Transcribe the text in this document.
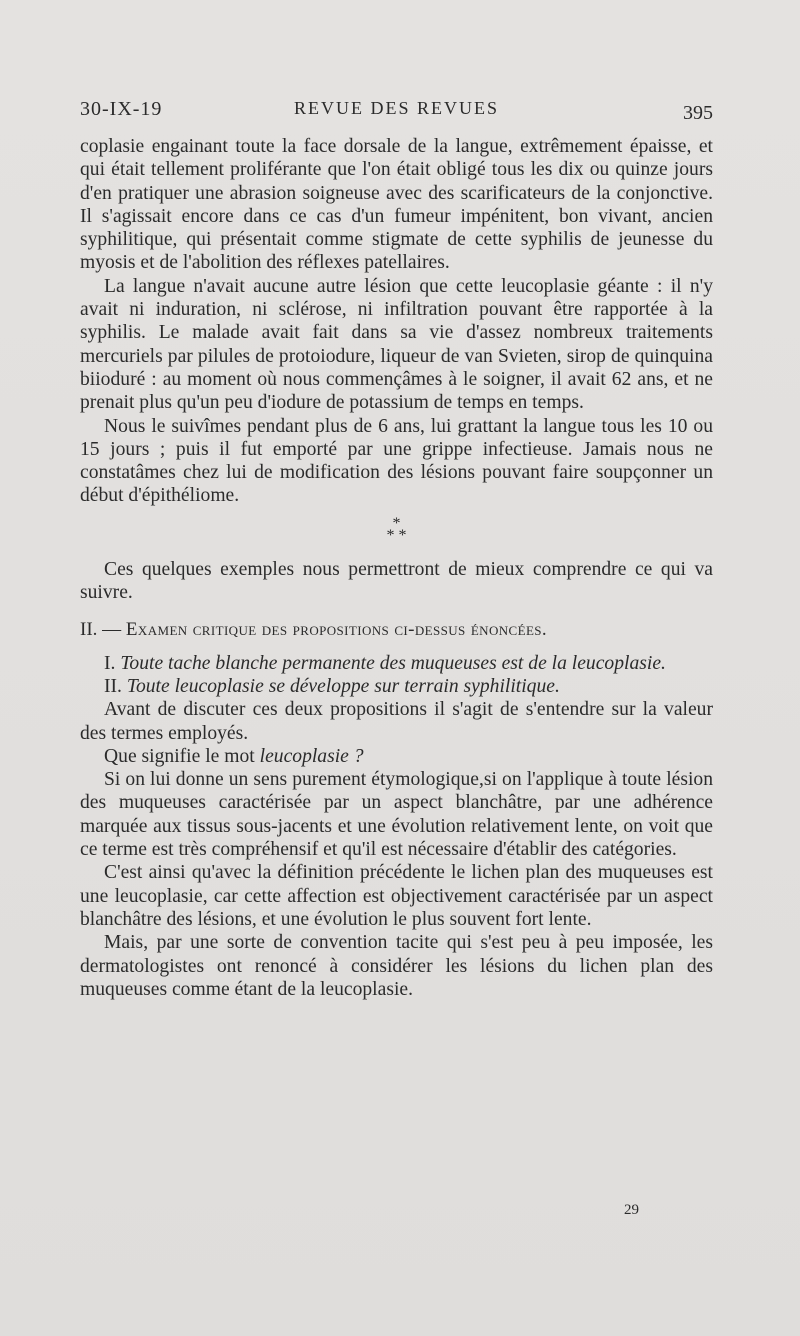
30-IX-19	REVUE DES REVUES	395

coplasie engainant toute la face dorsale de la langue, extrêmement épaisse, et qui était tellement proliférante que l'on était obligé tous les dix ou quinze jours d'en pratiquer une abrasion soigneuse avec des scarificateurs de la conjonctive. Il s'agissait encore dans ce cas d'un fumeur impénitent, bon vivant, ancien syphilitique, qui présentait comme stigmate de cette syphilis de jeunesse du myosis et de l'abolition des réflexes patellaires.

La langue n'avait aucune autre lésion que cette leucoplasie géante : il n'y avait ni induration, ni sclérose, ni infiltration pouvant être rapportée à la syphilis. Le malade avait fait dans sa vie d'assez nombreux traitements mercuriels par pilules de protoiodure, liqueur de van Svieten, sirop de quinquina biioduré : au moment où nous commençâmes à le soigner, il avait 62 ans, et ne prenait plus qu'un peu d'iodure de potassium de temps en temps.

Nous le suivîmes pendant plus de 6 ans, lui grattant la langue tous les 10 ou 15 jours ; puis il fut emporté par une grippe infectieuse. Jamais nous ne constatâmes chez lui de modification des lésions pouvant faire soupçonner un début d'épithéliome.

*
* *

Ces quelques exemples nous permettront de mieux comprendre ce qui va suivre.

II. — Examen critique des propositions ci-dessus énoncées.

I. Toute tache blanche permanente des muqueuses est de la leucoplasie.

II. Toute leucoplasie se développe sur terrain syphilitique.

Avant de discuter ces deux propositions il s'agit de s'entendre sur la valeur des termes employés.

Que signifie le mot leucoplasie ?

Si on lui donne un sens purement étymologique,si on l'applique à toute lésion des muqueuses caractérisée par un aspect blanchâtre, par une adhérence marquée aux tissus sous-jacents et une évolution relativement lente, on voit que ce terme est très compréhensif et qu'il est nécessaire d'établir des catégories.

C'est ainsi qu'avec la définition précédente le lichen plan des muqueuses est une leucoplasie, car cette affection est objectivement caractérisée par un aspect blanchâtre des lésions, et une évolution le plus souvent fort lente.

Mais, par une sorte de convention tacite qui s'est peu à peu imposée, les dermatologistes ont renoncé à considérer les lésions du lichen plan des muqueuses comme étant de la leucoplasie.

29
